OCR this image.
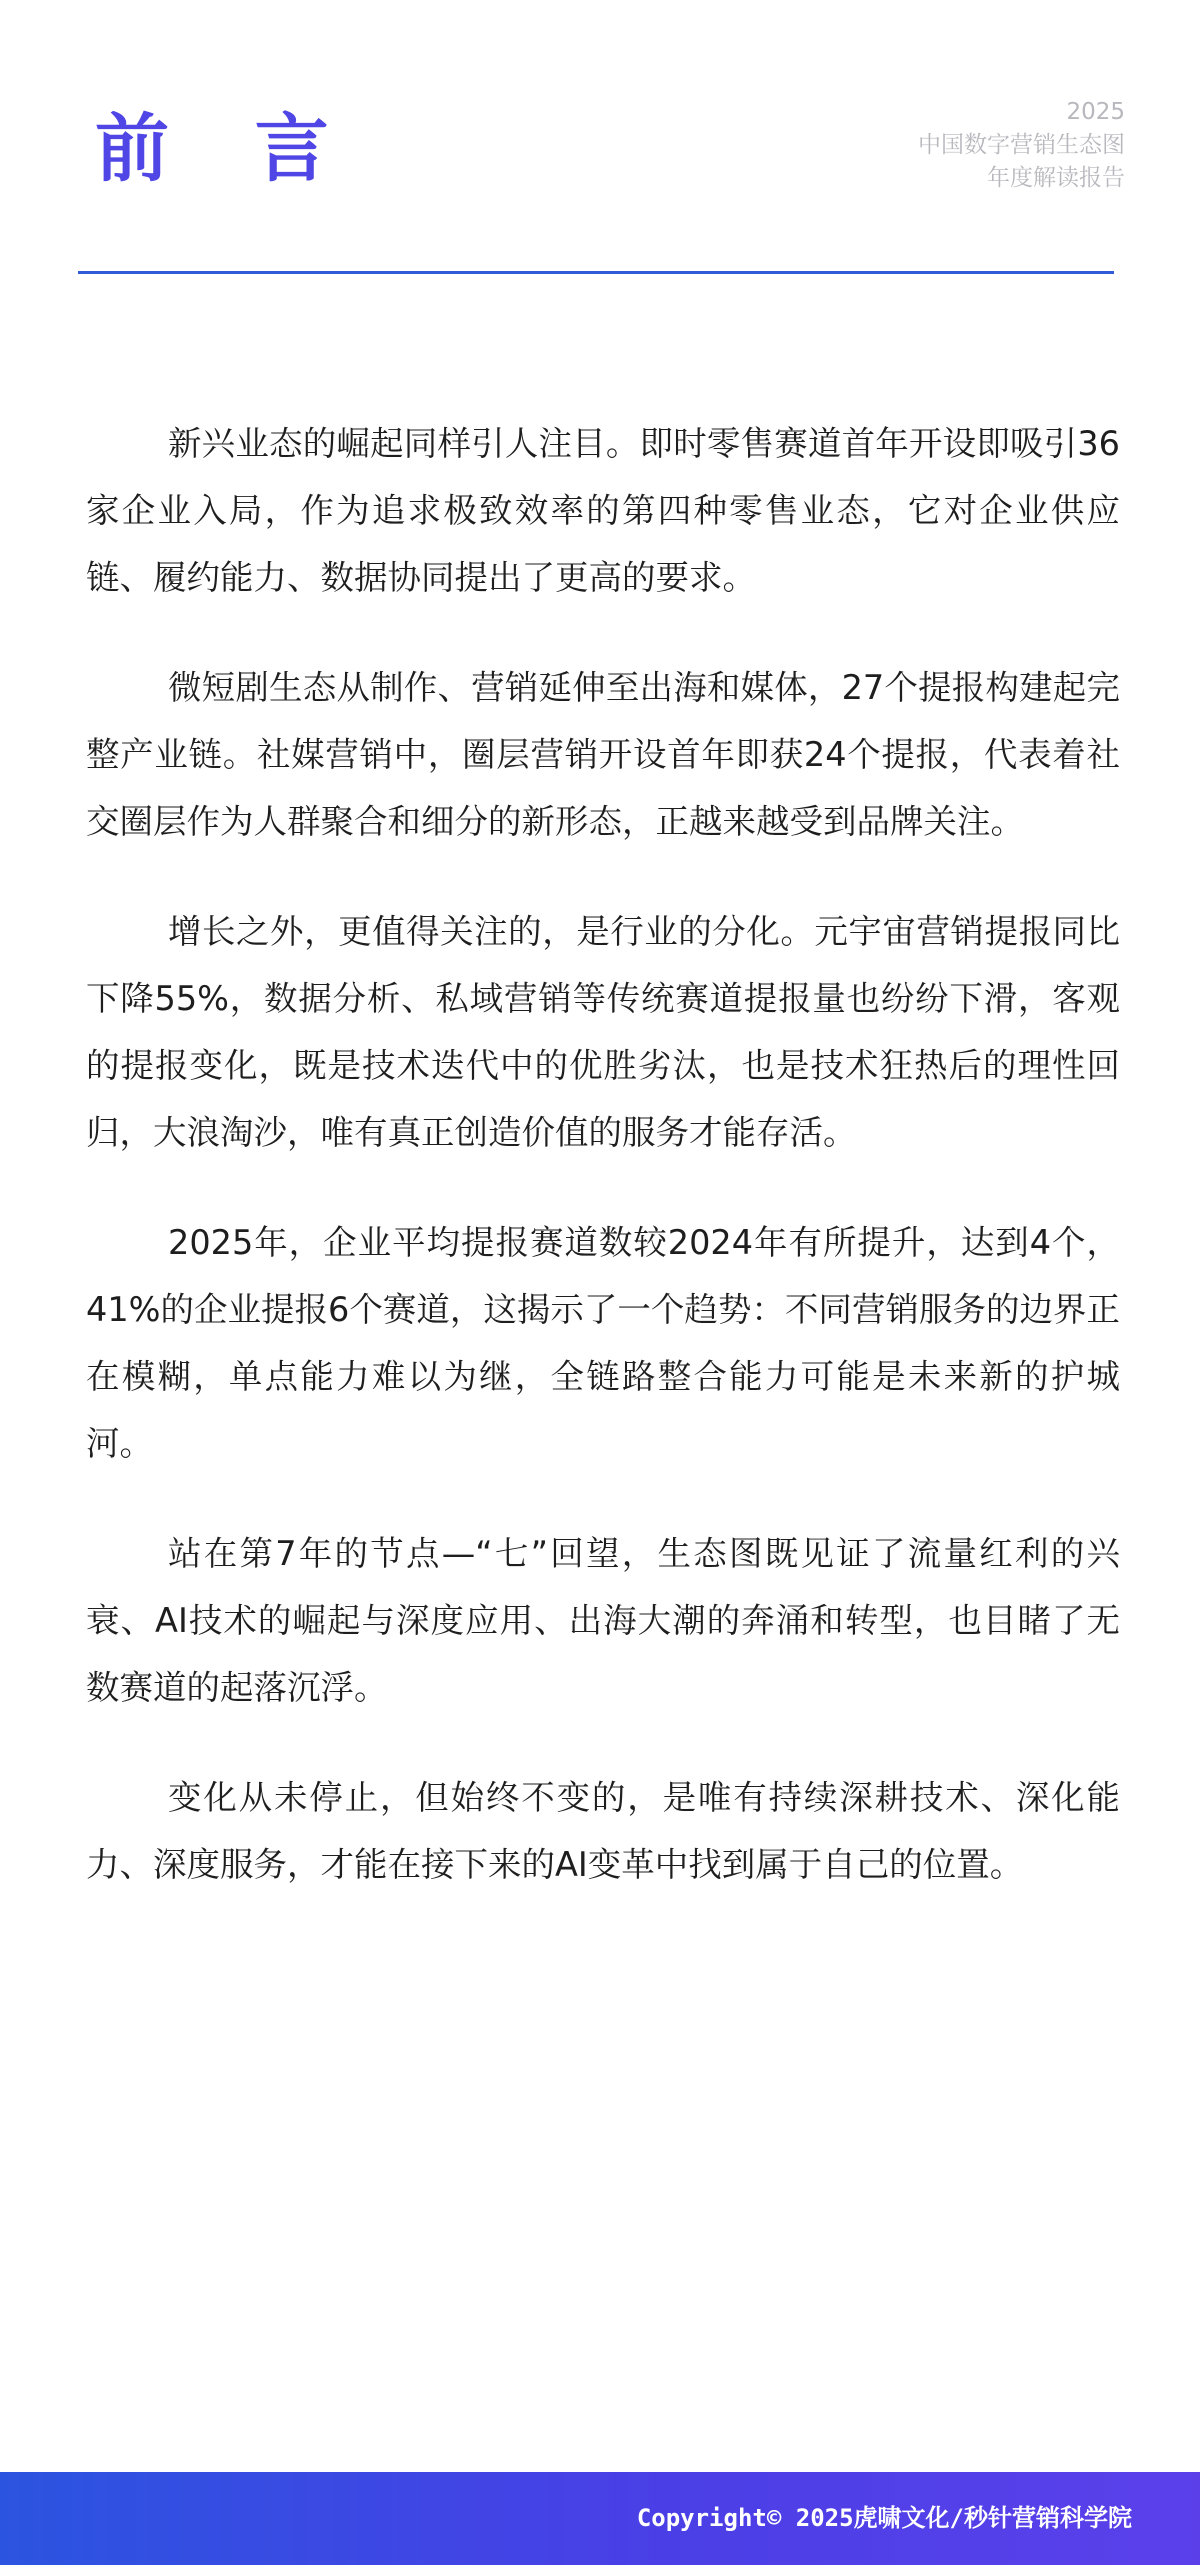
前 言	2025
中国数字营销生态图
年度解读报告

新兴业态的崛起同样引人注目。即时零售赛道首年开设即吸引36家企业入局，作为追求极致效率的第四种零售业态，它对企业供应链、履约能力、数据协同提出了更高的要求。

微短剧生态从制作、营销延伸至出海和媒体，27个提报构建起完整产业链。社媒营销中，圈层营销开设首年即获24个提报，代表着社交圈层作为人群聚合和细分的新形态，正越来越受到品牌关注。

增长之外，更值得关注的，是行业的分化。元宇宙营销提报同比下降55%，数据分析、私域营销等传统赛道提报量也纷纷下滑，客观的提报变化，既是技术迭代中的优胜劣汰，也是技术狂热后的理性回归，大浪淘沙，唯有真正创造价值的服务才能存活。

2025年，企业平均提报赛道数较2024年有所提升，达到4个，41%的企业提报6个赛道，这揭示了一个趋势：不同营销服务的边界正在模糊，单点能力难以为继，全链路整合能力可能是未来新的护城河。

站在第7年的节点—“七”回望，生态图既见证了流量红利的兴衰、AI技术的崛起与深度应用、出海大潮的奔涌和转型，也目睹了无数赛道的起落沉浮。

变化从未停止，但始终不变的，是唯有持续深耕技术、深化能力、深度服务，才能在接下来的AI变革中找到属于自己的位置。

Copyright© 2025虎啸文化/秒针营销科学院
